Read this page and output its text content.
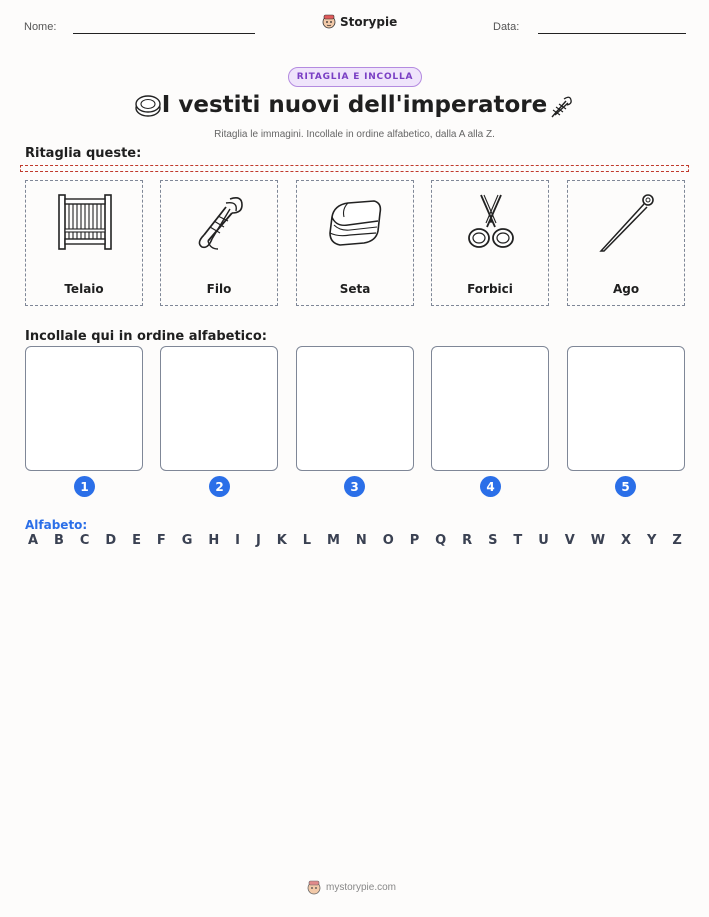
Nome:	Storypie	Data:
RITAGLIA E INCOLLA
I vestiti nuovi dell'imperatore
Ritaglia le immagini. Incollale in ordine alfabetico, dalla A alla Z.
Ritaglia queste:
Telaio	Filo	Seta	Forbici	Ago
Incollale qui in ordine alfabetico:
1	2	3	4	5
Alfabeto:
A B C D E F G H I J K L M N O P Q R S T U V W X Y Z
mystorypie.com
